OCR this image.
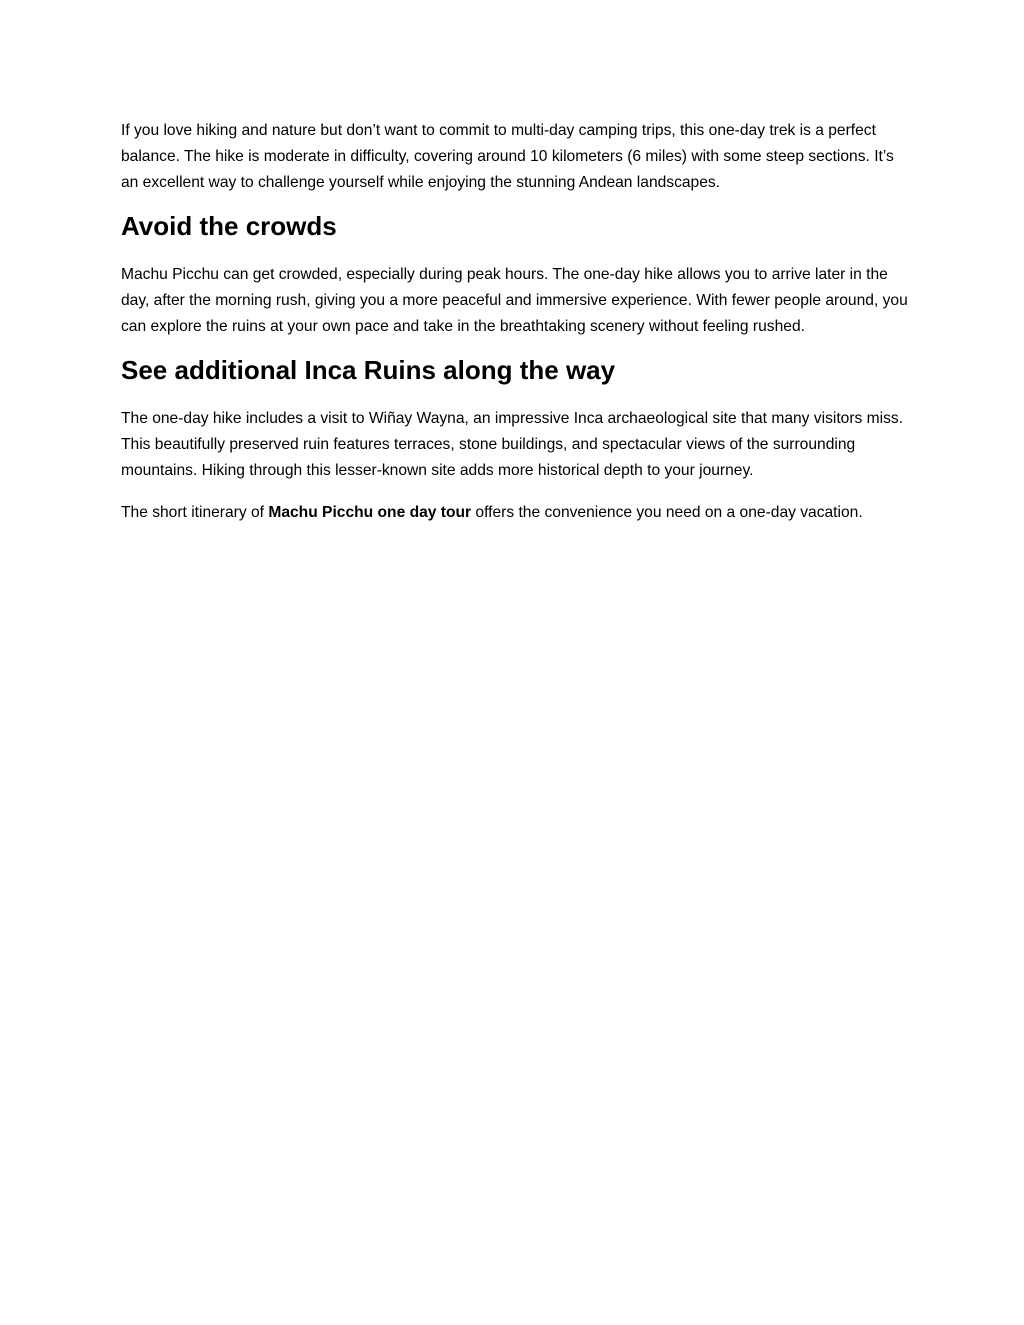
If you love hiking and nature but don’t want to commit to multi-day camping trips, this one-day trek is a perfect balance. The hike is moderate in difficulty, covering around 10 kilometers (6 miles) with some steep sections. It’s an excellent way to challenge yourself while enjoying the stunning Andean landscapes.

Avoid the crowds

Machu Picchu can get crowded, especially during peak hours. The one-day hike allows you to arrive later in the day, after the morning rush, giving you a more peaceful and immersive experience. With fewer people around, you can explore the ruins at your own pace and take in the breathtaking scenery without feeling rushed.

See additional Inca Ruins along the way

The one-day hike includes a visit to Wiñay Wayna, an impressive Inca archaeological site that many visitors miss. This beautifully preserved ruin features terraces, stone buildings, and spectacular views of the surrounding mountains. Hiking through this lesser-known site adds more historical depth to your journey.

The short itinerary of Machu Picchu one day tour offers the convenience you need on a one-day vacation.
